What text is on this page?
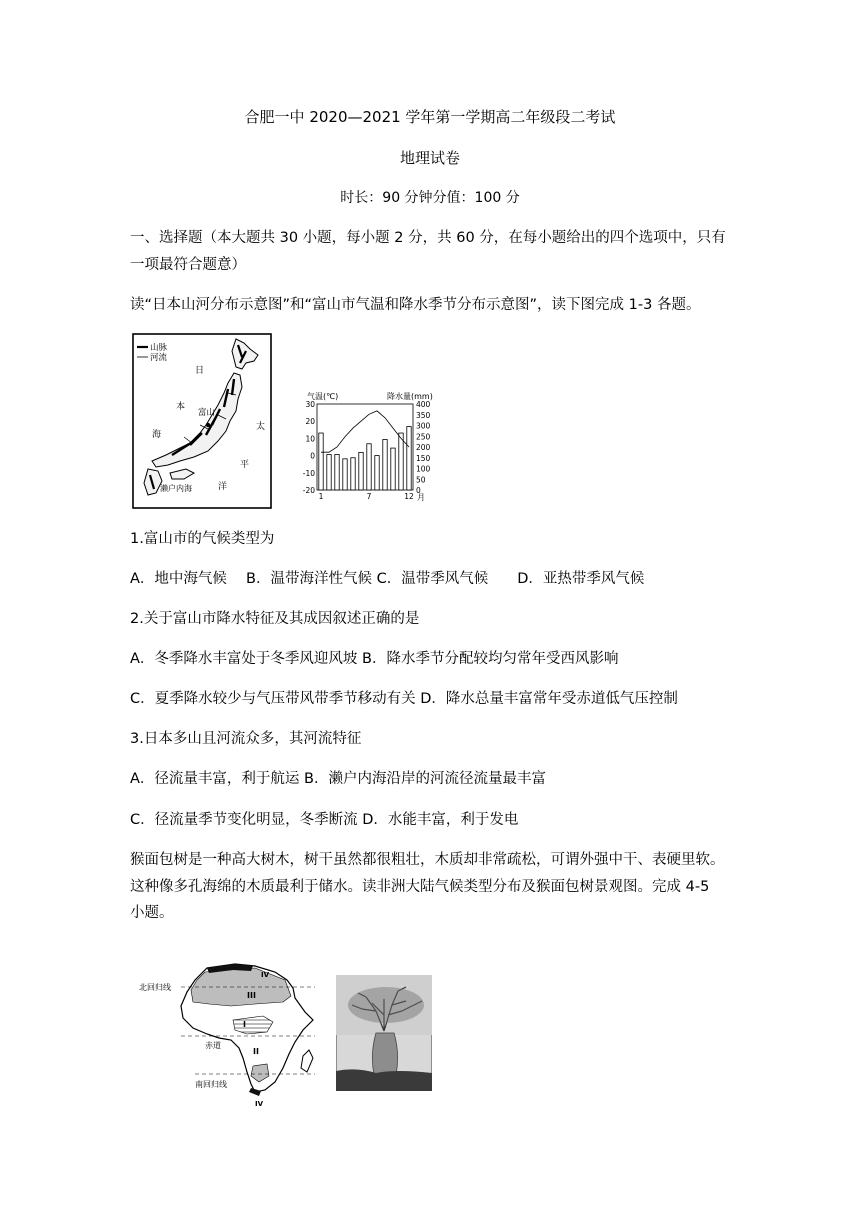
合肥一中 2020—2021 学年第一学期高二年级段二考试
地理试卷
时长：90 分钟分值：100 分
一、选择题（本大题共 30 小题，每小题 2 分，共 60 分，在每小题给出的四个选项中，只有
一项最符合题意）
读“日本山河分布示意图”和“富山市气温和降水季节分布示意图”，读下图完成 1-3 各题。
山脉
河流
富山
日
本
海
太
平
洋
濑户内海
气温(℃)	降水量(mm)
30
20
10
0
-10
-20
400
350
300
250
200
150
100
50
0
1	7	12 月
1.富山市的气候类型为
A．地中海气候　 B．温带海洋性气候 C．温带季风气候　　D．亚热带季风气候
2.关于富山市降水特征及其成因叙述正确的是
A．冬季降水丰富处于冬季风迎风坡 B．降水季节分配较均匀常年受西风影响
C．夏季降水较少与气压带风带季节移动有关 D．降水总量丰富常年受赤道低气压控制
3.日本多山且河流众多，其河流特征
A．径流量丰富，利于航运 B．濑户内海沿岸的河流径流量最丰富
C．径流量季节变化明显，冬季断流 D．水能丰富，利于发电
猴面包树是一种高大树木，树干虽然都很粗壮，木质却非常疏松，可谓外强中干、表硬里软。
这种像多孔海绵的木质最利于储水。读非洲大陆气候类型分布及猴面包树景观图。完成 4-5
小题。
北回归线
赤道
南回归线
III
I
II
IV
IV
